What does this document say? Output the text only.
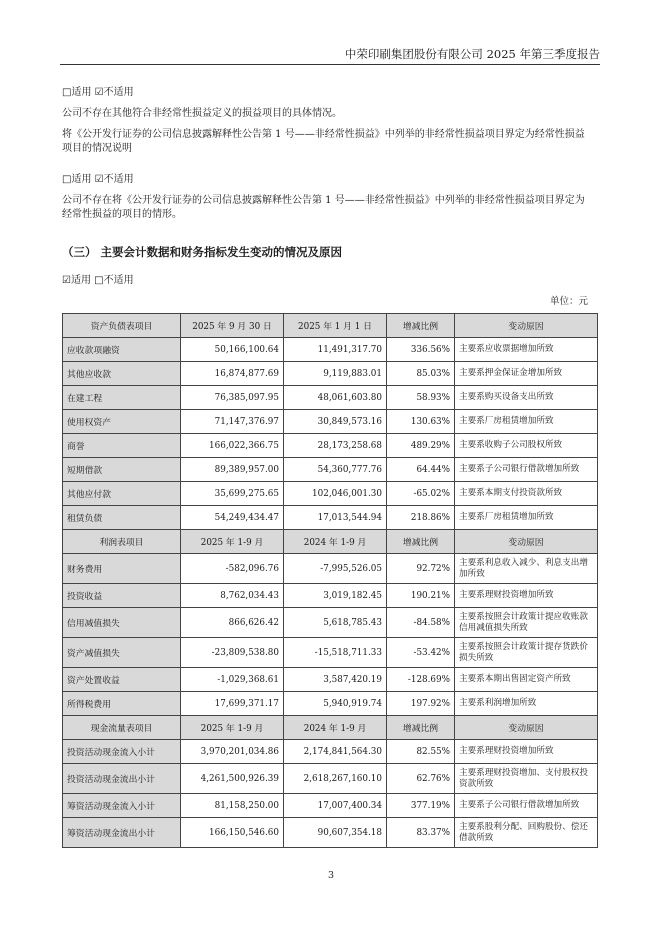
中荣印刷集团股份有限公司 2025 年第三季度报告
□适用 ☑不适用
公司不存在其他符合非经常性损益定义的损益项目的具体情况。
将《公开发行证券的公司信息披露解释性公告第 1 号——非经常性损益》中列举的非经常性损益项目界定为经常性损益
项目的情况说明
□适用 ☑不适用
公司不存在将《公开发行证券的公司信息披露解释性公告第 1 号——非经常性损益》中列举的非经常性损益项目界定为
经常性损益的项目的情形。
（三） 主要会计数据和财务指标发生变动的情况及原因
☑适用 □不适用
单位：元
资产负债表项目	2025 年 9 月 30 日	2025 年 1 月 1 日	增减比例	变动原因
应收款项融资	50,166,100.64	11,491,317.70	336.56%	主要系应收票据增加所致
其他应收款	16,874,877.69	9,119,883.01	85.03%	主要系押金保证金增加所致
在建工程	76,385,097.95	48,061,603.80	58.93%	主要系购买设备支出所致
使用权资产	71,147,376.97	30,849,573.16	130.63%	主要系厂房租赁增加所致
商誉	166,022,366.75	28,173,258.68	489.29%	主要系收购子公司股权所致
短期借款	89,389,957.00	54,360,777.76	64.44%	主要系子公司银行借款增加所致
其他应付款	35,699,275.65	102,046,001.30	-65.02%	主要系本期支付投资款所致
租赁负债	54,249,434.47	17,013,544.94	218.86%	主要系厂房租赁增加所致
利润表项目	2025 年 1-9 月	2024 年 1-9 月	增减比例	变动原因
财务费用	-582,096.76	-7,995,526.05	92.72%	主要系利息收入减少、利息支出增加所致
投资收益	8,762,034.43	3,019,182.45	190.21%	主要系理财投资增加所致
信用减值损失	866,626.42	5,618,785.43	-84.58%	主要系按照会计政策计提应收账款信用减值损失所致
资产减值损失	-23,809,538.80	-15,518,711.33	-53.42%	主要系按照会计政策计提存货跌价损失所致
资产处置收益	-1,029,368.61	3,587,420.19	-128.69%	主要系本期出售固定资产所致
所得税费用	17,699,371.17	5,940,919.74	197.92%	主要系利润增加所致
现金流量表项目	2025 年 1-9 月	2024 年 1-9 月	增减比例	变动原因
投资活动现金流入小计	3,970,201,034.86	2,174,841,564.30	82.55%	主要系理财投资增加所致
投资活动现金流出小计	4,261,500,926.39	2,618,267,160.10	62.76%	主要系理财投资增加、支付股权投资款所致
筹资活动现金流入小计	81,158,250.00	17,007,400.34	377.19%	主要系子公司银行借款增加所致
筹资活动现金流出小计	166,150,546.60	90,607,354.18	83.37%	主要系股利分配、回购股份、偿还借款所致
3
